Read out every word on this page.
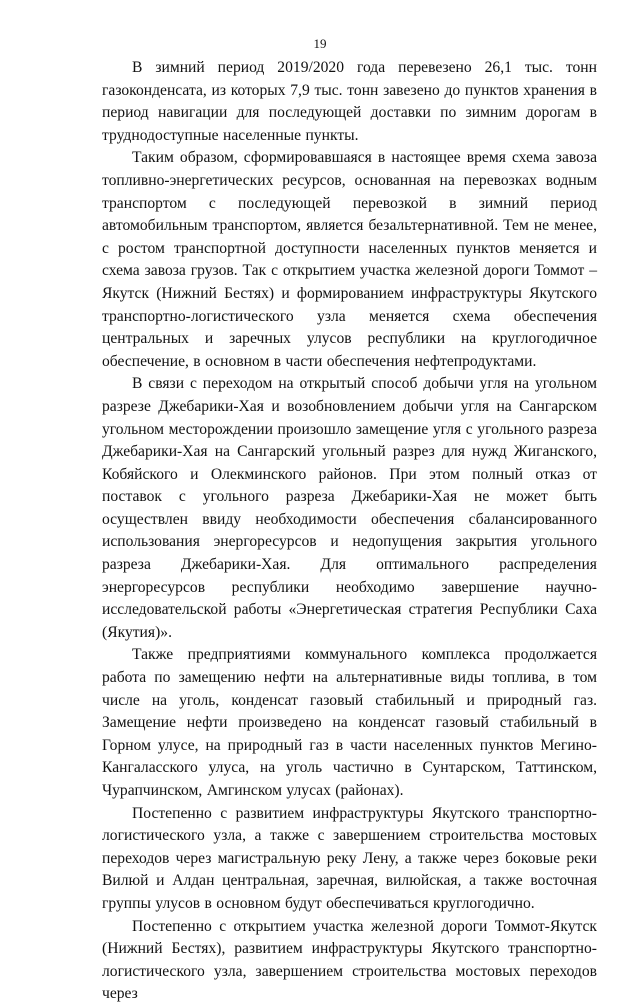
19

В зимний период 2019/2020 года перевезено 26,1 тыс. тонн газоконденсата, из которых 7,9 тыс. тонн завезено до пунктов хранения в период навигации для последующей доставки по зимним дорогам в труднодоступные населенные пункты.

Таким образом, сформировавшаяся в настоящее время схема завоза топливно-энергетических ресурсов, основанная на перевозках водным транспортом с последующей перевозкой в зимний период автомобильным транспортом, является безальтернативной. Тем не менее, с ростом транспортной доступности населенных пунктов меняется и схема завоза грузов. Так с открытием участка железной дороги Томмот – Якутск (Нижний Бестях) и формированием инфраструктуры Якутского транспортно-логистического узла меняется схема обеспечения центральных и заречных улусов республики на круглогодичное обеспечение, в основном в части обеспечения нефтепродуктами.

В связи с переходом на открытый способ добычи угля на угольном разрезе Джебарики-Хая и возобновлением добычи угля на Сангарском угольном месторождении произошло замещение угля с угольного разреза Джебарики-Хая на Сангарский угольный разрез для нужд Жиганского, Кобяйского и Олекминского районов. При этом полный отказ от поставок с угольного разреза Джебарики-Хая не может быть осуществлен ввиду необходимости обеспечения сбалансированного использования энергоресурсов и недопущения закрытия угольного разреза Джебарики-Хая. Для оптимального распределения энергоресурсов республики необходимо завершение научно-исследовательской работы «Энергетическая стратегия Республики Саха (Якутия)».

Также предприятиями коммунального комплекса продолжается работа по замещению нефти на альтернативные виды топлива, в том числе на уголь, конденсат газовый стабильный и природный газ. Замещение нефти произведено на конденсат газовый стабильный в Горном улусе, на природный газ в части населенных пунктов Мегино-Кангаласского улуса, на уголь частично в Сунтарском, Таттинском, Чурапчинском, Амгинском улусах (районах).

Постепенно с развитием инфраструктуры Якутского транспортно-логистического узла, а также с завершением строительства мостовых переходов через магистральную реку Лену, а также через боковые реки Вилюй и Алдан центральная, заречная, вилюйская, а также восточная группы улусов в основном будут обеспечиваться круглогодично.

Постепенно с открытием участка железной дороги Томмот-Якутск (Нижний Бестях), развитием инфраструктуры Якутского транспортно-логистического узла, завершением строительства мостовых переходов через
